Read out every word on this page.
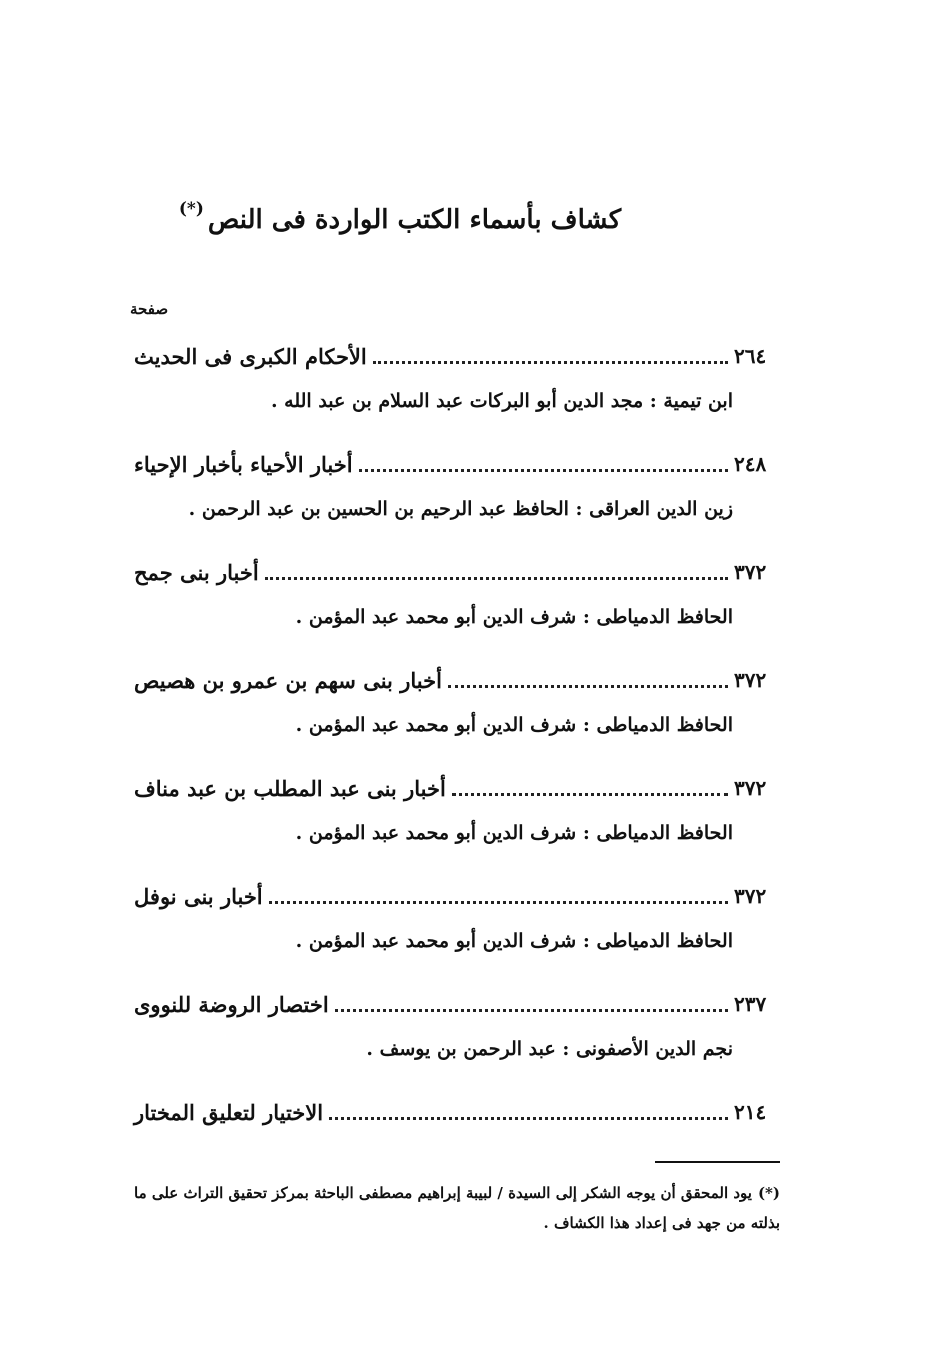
كشاف بأسماء الكتب الواردة فى النص(*)
صفحة
الأحكام الكبرى فى الحديث	٢٦٤
ابن تيمية : مجد الدين أبو البركات عبد السلام بن عبد الله .
أخبار الأحياء بأخبار الإحياء	٢٤٨
زين الدين العراقى : الحافظ عبد الرحيم بن الحسين بن عبد الرحمن .
أخبار بنى جمح	٣٧٢
الحافظ الدمياطى : شرف الدين أبو محمد عبد المؤمن .
أخبار بنى سهم بن عمرو بن هصيص	٣٧٢
الحافظ الدمياطى : شرف الدين أبو محمد عبد المؤمن .
أخبار بنى عبد المطلب بن عبد مناف	٣٧٢
الحافظ الدمياطى : شرف الدين أبو محمد عبد المؤمن .
أخبار بنى نوفل	٣٧٢
الحافظ الدمياطى : شرف الدين أبو محمد عبد المؤمن .
اختصار الروضة للنووى	٢٣٧
نجم الدين الأصفونى : عبد الرحمن بن يوسف .
الاختيار لتعليق المختار	٢١٤
(*)يود المحقق أن يوجه الشكر إلى السيدة / لبيبة إبراهيم مصطفى الباحثة بمركز تحقيق التراث على ما بذلته من جهد فى إعداد هذا الكشاف .
